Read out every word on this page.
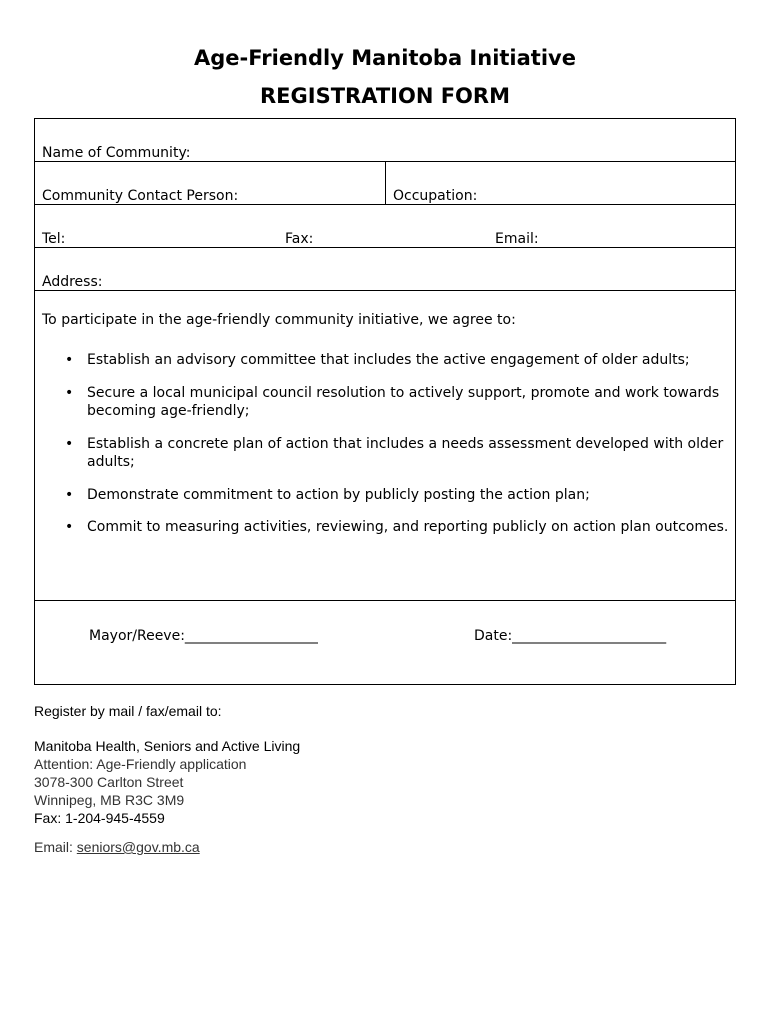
Age-Friendly Manitoba Initiative
REGISTRATION FORM
Name of Community:
Community Contact Person:	Occupation:
Tel:	Fax:	Email:
Address:
To participate in the age-friendly community initiative, we agree to:
• Establish an advisory committee that includes the active engagement of older adults;
• Secure a local municipal council resolution to actively support, promote and work towards becoming age-friendly;
• Establish a concrete plan of action that includes a needs assessment developed with older adults;
• Demonstrate commitment to action by publicly posting the action plan;
• Commit to measuring activities, reviewing, and reporting publicly on action plan outcomes.
Mayor/Reeve:___________________	Date:______________________
Register by mail / fax/email to:
Manitoba Health, Seniors and Active Living
Attention: Age-Friendly application
3078-300 Carlton Street
Winnipeg, MB R3C 3M9
Fax: 1-204-945-4559
Email: seniors@gov.mb.ca
